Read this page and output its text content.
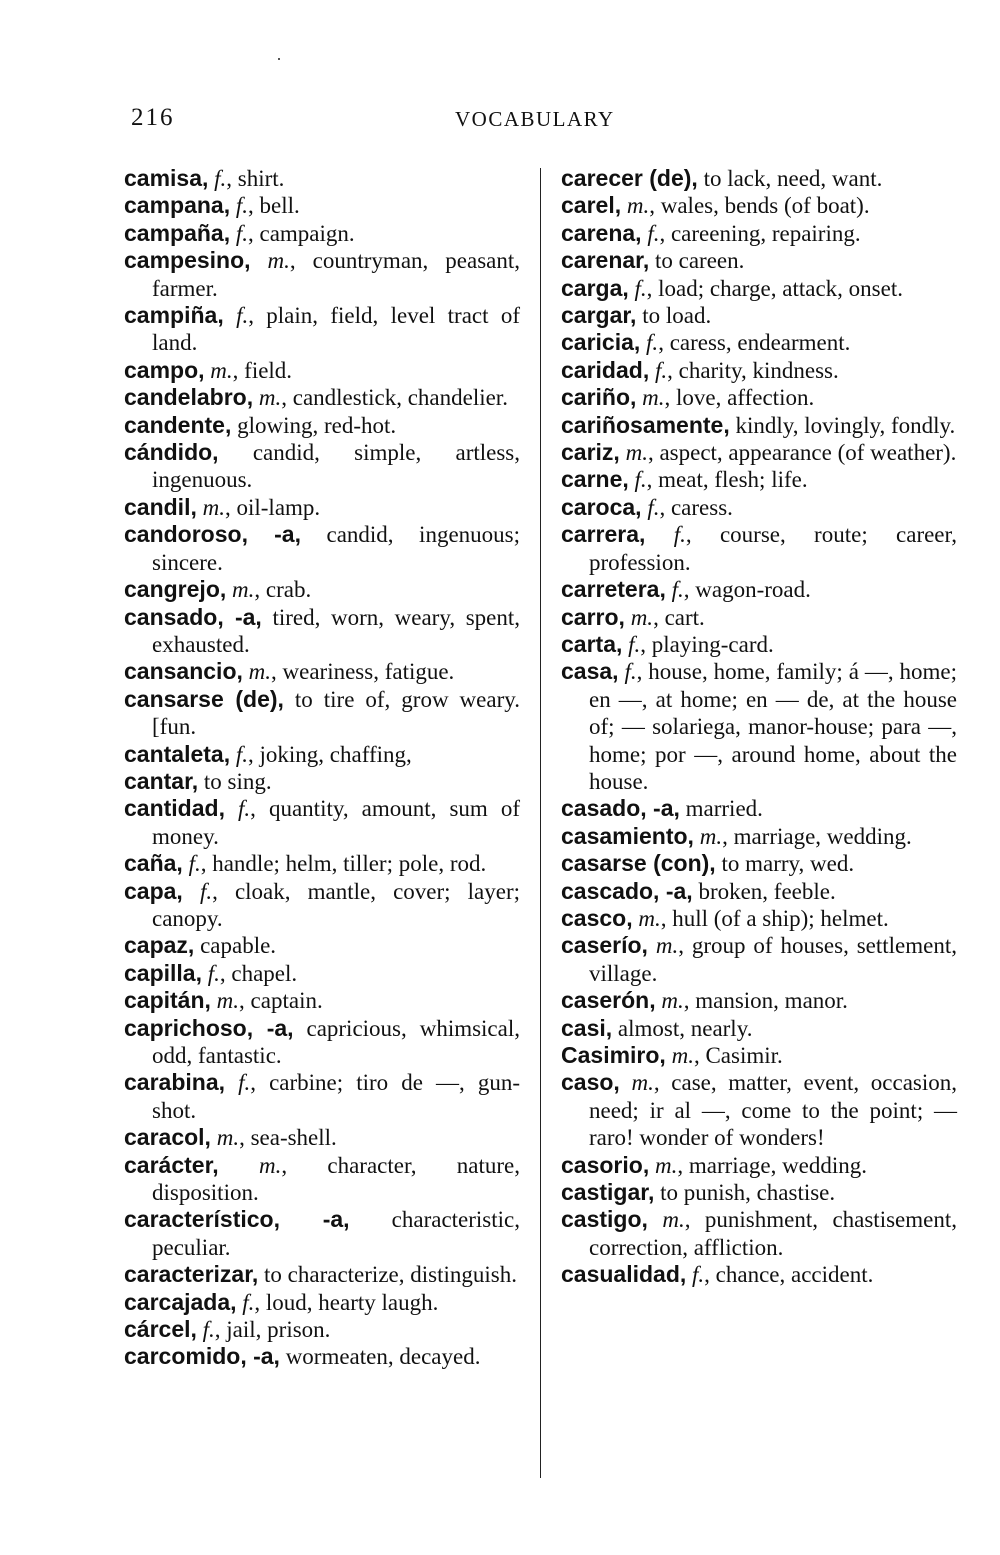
216	VOCABULARY
camisa, f., shirt.
campana, f., bell.
campaña, f., campaign.
campesino, m., countryman, peasant, farmer.
campiña, f., plain, field, level tract of land.
campo, m., field.
candelabro, m., candlestick, chandelier.
candente, glowing, red-hot.
cándido, candid, simple, artless, ingenuous.
candil, m., oil-lamp.
candoroso, -a, candid, ingenuous; sincere.
cangrejo, m., crab.
cansado, -a, tired, worn, weary, spent, exhausted.
cansancio, m., weariness, fatigue.
cansarse (de), to tire of, grow weary. [fun.
cantaleta, f., joking, chaffing,
cantar, to sing.
cantidad, f., quantity, amount, sum of money.
caña, f., handle; helm, tiller; pole, rod.
capa, f., cloak, mantle, cover; layer; canopy.
capaz, capable.
capilla, f., chapel.
capitán, m., captain.
caprichoso, -a, capricious, whimsical, odd, fantastic.
carabina, f., carbine; tiro de —, gun-shot.
caracol, m., sea-shell.
carácter, m., character, nature, disposition.
característico, -a, characteristic, peculiar.
caracterizar, to characterize, distinguish.
carcajada, f., loud, hearty laugh.
cárcel, f., jail, prison.
carcomido, -a, wormeaten, decayed.
carecer (de), to lack, need, want.
carel, m., wales, bends (of boat).
carena, f., careening, repairing.
carenar, to careen.
carga, f., load; charge, attack, onset.
cargar, to load.
caricia, f., caress, endearment.
caridad, f., charity, kindness.
cariño, m., love, affection.
cariñosamente, kindly, lovingly, fondly.
cariz, m., aspect, appearance (of weather).
carne, f., meat, flesh; life.
caroca, f., caress.
carrera, f., course, route; career, profession.
carretera, f., wagon-road.
carro, m., cart.
carta, f., playing-card.
casa, f., house, home, family; á —, home; en —, at home; en — de, at the house of; — solariega, manor-house; para —, home; por —, around home, about the house.
casado, -a, married.
casamiento, m., marriage, wedding.
casarse (con), to marry, wed.
cascado, -a, broken, feeble.
casco, m., hull (of a ship); helmet.
caserío, m., group of houses, settlement, village.
caserón, m., mansion, manor.
casi, almost, nearly.
Casimiro, m., Casimir.
caso, m., case, matter, event, occasion, need; ir al —, come to the point; — raro! wonder of wonders!
casorio, m., marriage, wedding.
castigar, to punish, chastise.
castigo, m., punishment, chastisement, correction, affliction.
casualidad, f., chance, accident.
